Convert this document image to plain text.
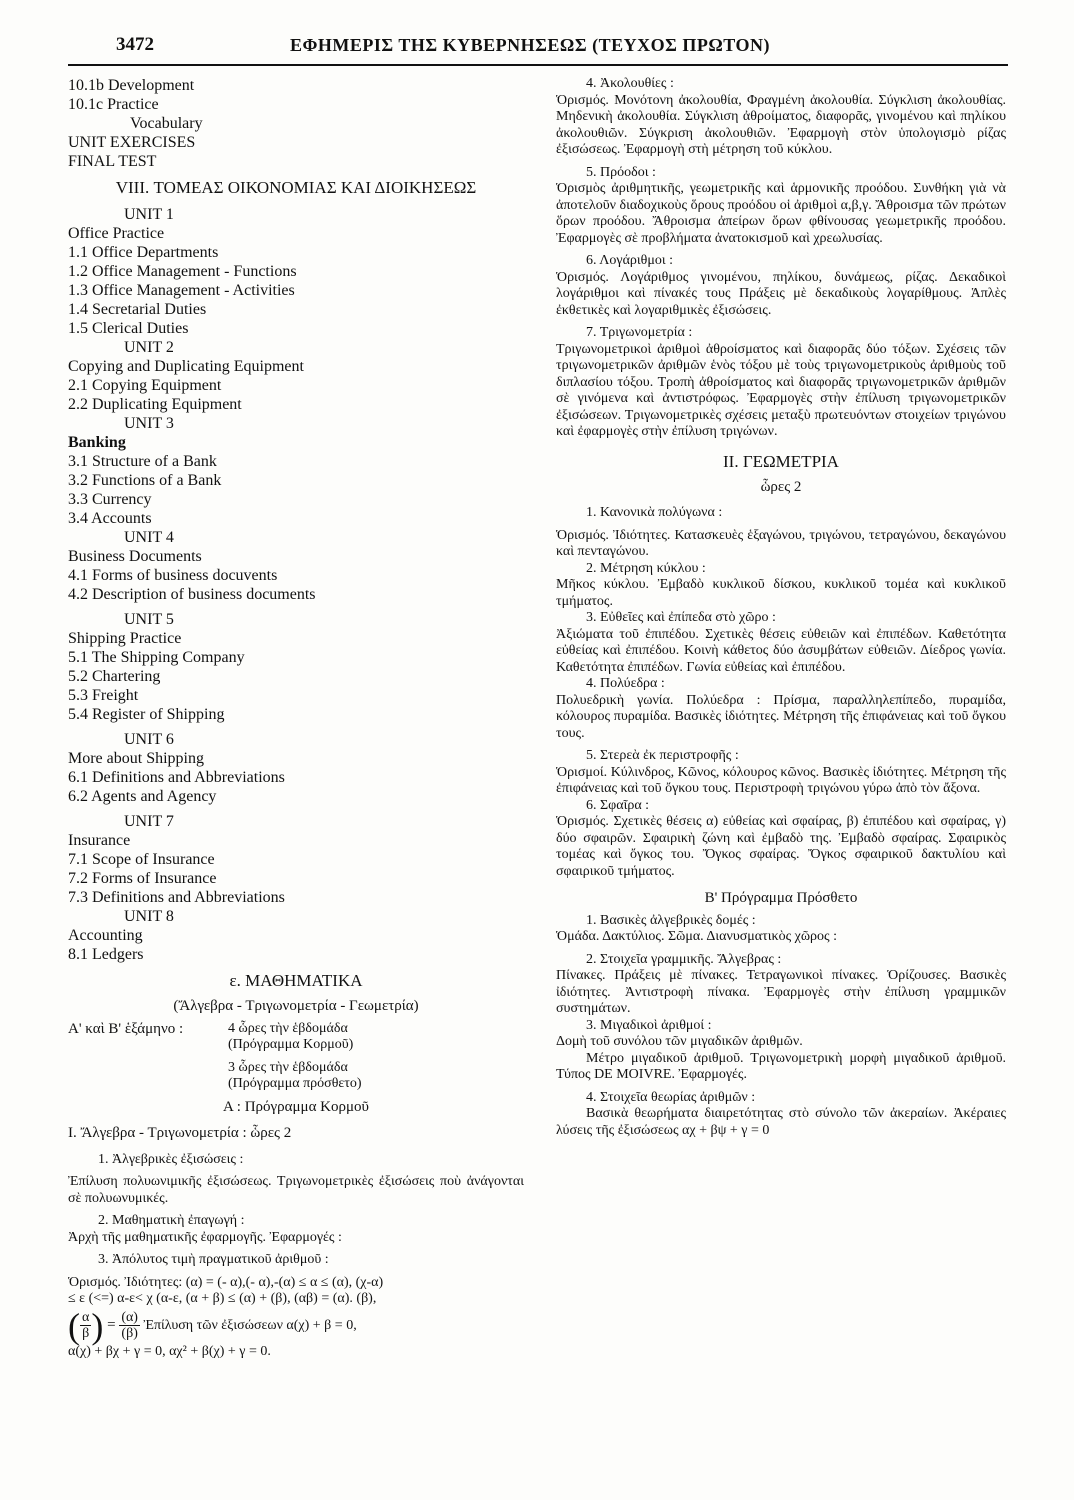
3472	ΕΦΗΜΕΡΙΣ ΤΗΣ ΚΥΒΕΡΝΗΣΕΩΣ (ΤΕΥΧΟΣ ΠΡΩΤΟΝ)
10.1b Development
10.1c Practice
Vocabulary
UNIT EXERCISES
FINAL TEST
VIII. ΤΟΜΕΑΣ ΟΙΚΟΝΟΜΙΑΣ ΚΑΙ ΔΙΟΙΚΗΣΕΩΣ
UNIT 1
Office Practice
1.1 Office Departments
1.2 Office Management - Functions
1.3 Office Management - Activities
1.4 Secretarial Duties
1.5 Clerical Duties
UNIT 2
Copying and Duplicating Equipment
2.1 Copying Equipment
2.2 Duplicating Equipment
UNIT 3
Banking
3.1 Structure of a Bank
3.2 Functions of a Bank
3.3 Currency
3.4 Accounts
UNIT 4
Business Documents
4.1 Forms of business docuvents
4.2 Description of business documents
UNIT 5
Shipping Practice
5.1 The Shipping Company
5.2 Chartering
5.3 Freight
5.4 Register of Shipping
UNIT 6
More about Shipping
6.1 Definitions and Abbreviations
6.2 Agents and Agency
UNIT 7
Insurance
7.1 Scope of Insurance
7.2 Forms of Insurance
7.3 Definitions and Abbreviations
UNIT 8
Accounting
8.1 Ledgers
ε. ΜΑΘΗΜΑΤΙΚΑ
(Ἄλγεβρα - Τριγωνομετρία - Γεωμετρία)
Α' καὶ Β' ἑξάμηνο :	4 ὧρες τὴν ἑβδομάδα
(Πρόγραμμα Κορμοῦ)
3 ὧρες τὴν ἑβδομάδα
(Πρόγραμμα πρόσθετο)
Α : Πρόγραμμα Κορμοῦ
Ι. Ἄλγεβρα - Τριγωνομετρία : ὧρες 2
1. Ἀλγεβρικὲς ἐξισώσεις :
Ἐπίλυση πολυωνιμικῆς ἐξισώσεως. Τριγωνομετρικὲς ἐξισώσεις ποὺ ἀνάγονται σὲ πολυωνυμικές.
2. Μαθηματικὴ ἐπαγωγή :
Ἀρχὴ τῆς μαθηματικῆς ἐφαρμογῆς. Ἐφαρμογές :
3. Ἀπόλυτος τιμὴ πραγματικοῦ ἀριθμοῦ :
Ὁρισμός. Ἰδιότητες: (α) = (- α),(- α),-(α) ≤ α ≤ (α), (χ-α)
≤ ε (<=) α-ε< χ (α-ε, (α + β) ≤ (α) + (β), (αβ) = (α). (β),
( α
β ) = $\frac{(\alpha)}{(\beta)}$ Ἐπίλυση τῶν ἐξισώσεων α(χ) + β = 0,
α(χ) + βχ + γ = 0, αχ² + β(χ) + γ = 0.
4. Ἀκολουθίες :
Ὁρισμός. Μονότονη ἀκολουθία, Φραγμένη ἀκολουθία. Σύγκλιση ἀκολουθίας. Μηδενικὴ ἀκολουθία. Σύγκλιση ἀθροίματος, διαφορᾶς, γινομένου καὶ πηλίκου ἀκολουθιῶν. Σύγκριση ἀκολουθιῶν. Ἐφαρμογὴ στὸν ὑπολογισμὸ ρίζας ἐξισώσεως. Ἐφαρμογὴ στὴ μέτρηση τοῦ κύκλου.
5. Πρόοδοι :
Ὁρισμὸς ἀριθμητικῆς, γεωμετρικῆς καὶ ἁρμονικῆς προόδου. Συνθήκη γιὰ νὰ ἀποτελοῦν διαδοχικοὺς ὅρους προόδου οἱ ἀριθμοὶ α,β,γ. Ἄθροισμα τῶν πρώτων ὅρων προόδου. Ἄθροισμα ἀπείρων ὅρων φθίνουσας γεωμετρικῆς προόδου. Ἐφαρμογὲς σὲ προβλήματα ἀνατοκισμοῦ καὶ χρεωλυσίας.
6. Λογάριθμοι :
Ὁρισμός. Λογάριθμος γινομένου, πηλίκου, δυνάμεως, ρίζας. Δεκαδικοὶ λογάριθμοι καὶ πίνακές τους Πράξεις μὲ δεκαδικοὺς λογαρίθμους. Ἁπλὲς ἐκθετικὲς καὶ λογαριθμικὲς ἐξισώσεις.
7. Τριγωνομετρία :
Τριγωνομετρικοὶ ἀριθμοὶ ἀθροίσματος καὶ διαφορᾶς δύο τόξων. Σχέσεις τῶν τριγωνομετρικῶν ἀριθμῶν ἑνὸς τόξου μὲ τοὺς τριγωνομετρικοὺς ἀριθμοὺς τοῦ διπλασίου τόξου. Τροπὴ ἀθροίσματος καὶ διαφορᾶς τριγωνομετρικῶν ἀριθμῶν σὲ γινόμενα καὶ ἀντιστρόφως. Ἐφαρμογὲς στὴν ἐπίλυση τριγωνομετρικῶν ἐξισώσεων. Τριγωνομετρικὲς σχέσεις μεταξὺ πρωτευόντων στοιχείων τριγώνου καὶ ἐφαρμογὲς στὴν ἐπίλυση τριγώνων.
ΙΙ. ΓΕΩΜΕΤΡΙΑ
ὧρες 2
1. Κανονικὰ πολύγωνα :
Ὁρισμός. Ἰδιότητες. Κατασκευὲς ἑξαγώνου, τριγώνου, τετραγώνου, δεκαγώνου καὶ πενταγώνου.
2. Μέτρηση κύκλου :
Μῆκος κύκλου. Ἐμβαδὸ κυκλικοῦ δίσκου, κυκλικοῦ τομέα καὶ κυκλικοῦ τμήματος.
3. Εὐθεῖες καὶ ἐπίπεδα στὸ χῶρο :
Ἀξιώματα τοῦ ἐπιπέδου. Σχετικὲς θέσεις εὐθειῶν καὶ ἐπιπέδων. Καθετότητα εὐθείας καὶ ἐπιπέδου. Κοινὴ κάθετος δύο ἀσυμβάτων εὐθειῶν. Δίεδρος γωνία. Καθετότητα ἐπιπέδων. Γωνία εὐθείας καὶ ἐπιπέδου.
4. Πολύεδρα :
Πολυεδρικὴ γωνία. Πολύεδρα : Πρίσμα, παραλληλεπίπεδο, πυραμίδα, κόλουρος πυραμίδα. Βασικὲς ἰδιότητες. Μέτρηση τῆς ἐπιφάνειας καὶ τοῦ ὄγκου τους.
5. Στερεὰ ἐκ περιστροφῆς :
Ὁρισμοί. Κύλινδρος, Κῶνος, κόλουρος κῶνος. Βασικὲς ἰδιότητες. Μέτρηση τῆς ἐπιφάνειας καὶ τοῦ ὄγκου τους. Περιστροφὴ τριγώνου γύρω ἀπὸ τὸν ἄξονα.
6. Σφαῖρα :
Ὁρισμός. Σχετικὲς θέσεις α) εὐθείας καὶ σφαίρας, β) ἐπιπέδου καὶ σφαίρας, γ) δύο σφαιρῶν. Σφαιρικὴ ζώνη καὶ ἐμβαδὸ της. Ἐμβαδὸ σφαίρας. Σφαιρικὸς τομέας καὶ ὄγκος του. Ὄγκος σφαίρας. Ὄγκος σφαιρικοῦ δακτυλίου καὶ σφαιρικοῦ τμήματος.
Β' Πρόγραμμα Πρόσθετο
1. Βασικὲς ἀλγεβρικὲς δομές :
Ὁμάδα. Δακτύλιος. Σῶμα. Διανυσματικὸς χῶρος :
2. Στοιχεῖα γραμμικῆς. Ἄλγεβρας :
Πίνακες. Πράξεις μὲ πίνακες. Τετραγωνικοὶ πίνακες. Ὁρίζουσες. Βασικὲς ἰδιότητες. Ἀντιστροφὴ πίνακα. Ἐφαρμογὲς στὴν ἐπίλυση γραμμικῶν συστημάτων.
3. Μιγαδικοὶ ἀριθμοί :
Δομὴ τοῦ συνόλου τῶν μιγαδικῶν ἀριθμῶν.
Μέτρο μιγαδικοῦ ἀριθμοῦ. Τριγωνομετρικὴ μορφὴ μιγαδικοῦ ἀριθμοῦ. Τύπος DE MOIVRE. Ἐφαρμογές.
4. Στοιχεῖα θεωρίας ἀριθμῶν :
Βασικὰ θεωρήματα διαιρετότητας στὸ σύνολο τῶν ἀκεραίων. Ἀκέραιες λύσεις τῆς ἐξισώσεως αχ + βψ + γ = 0
